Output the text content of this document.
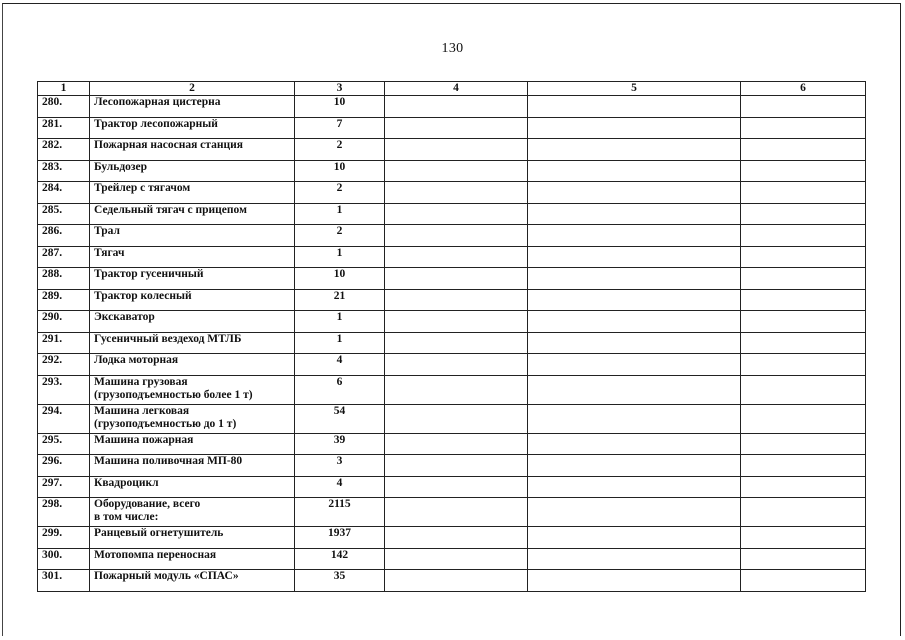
130
1	2	3	4	5	6
280.	Лесопожарная цистерна	10			
281.	Трактор лесопожарный	7			
282.	Пожарная насосная станция	2			
283.	Бульдозер	10			
284.	Трейлер с тягачом	2			
285.	Седельный тягач с прицепом	1			
286.	Трал	2			
287.	Тягач	1			
288.	Трактор гусеничный	10			
289.	Трактор колесный	21			
290.	Экскаватор	1			
291.	Гусеничный вездеход МТЛБ	1			
292.	Лодка моторная	4			
293.	Машина грузовая
(грузоподъемностью более 1 т)	6			
294.	Машина легковая
(грузоподъемностью до 1 т)	54			
295.	Машина пожарная	39			
296.	Машина поливочная МП-80	3			
297.	Квадроцикл	4			
298.	Оборудование, всего
в том числе:	2115			
299.	Ранцевый огнетушитель	1937			
300.	Мотопомпа переносная	142			
301.	Пожарный модуль «СПАС»	35			
